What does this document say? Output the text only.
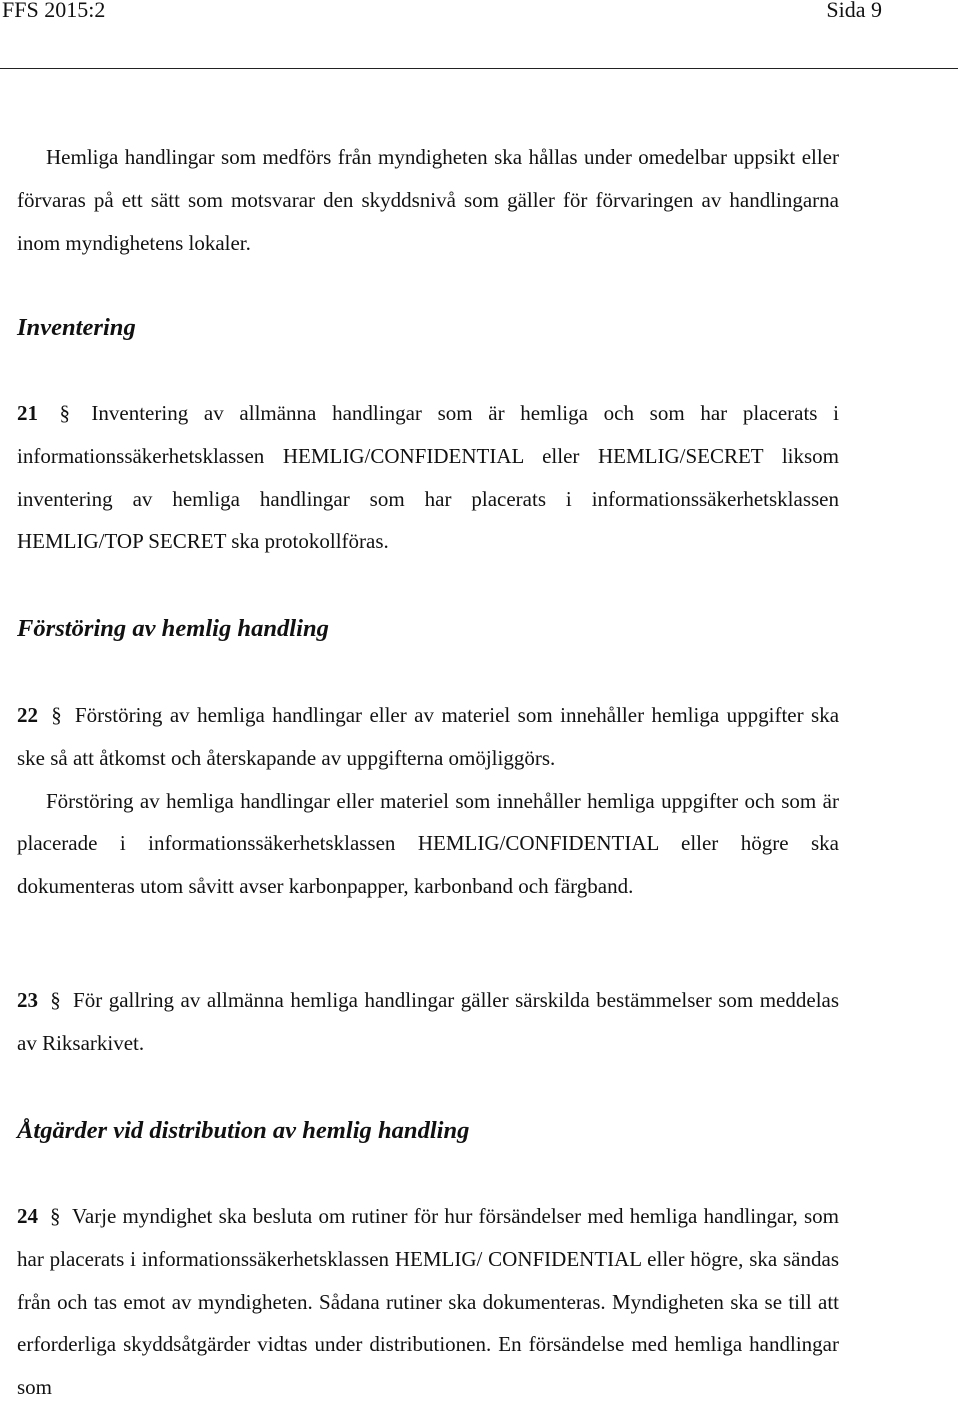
FFS 2015:2	Sida 9

Hemliga handlingar som medförs från myndigheten ska hållas under omedelbar uppsikt eller förvaras på ett sätt som motsvarar den skyddsnivå som gäller för förvaringen av handlingarna inom myndighetens lokaler.

Inventering

21 § Inventering av allmänna handlingar som är hemliga och som har placerats i informationssäkerhetsklassen HEMLIG/CONFIDENTIAL eller HEMLIG/SECRET liksom inventering av hemliga handlingar som har placerats i informationssäkerhetsklassen HEMLIG/TOP SECRET ska protokollföras.

Förstöring av hemlig handling

22 § Förstöring av hemliga handlingar eller av materiel som innehåller hemliga uppgifter ska ske så att åtkomst och återskapande av uppgifterna omöjliggörs.

Förstöring av hemliga handlingar eller materiel som innehåller hemliga uppgifter och som är placerade i informationssäkerhetsklassen HEMLIG/CONFIDENTIAL eller högre ska dokumenteras utom såvitt avser karbonpapper, karbonband och färgband.

23 § För gallring av allmänna hemliga handlingar gäller särskilda bestämmelser som meddelas av Riksarkivet.

Åtgärder vid distribution av hemlig handling

24 § Varje myndighet ska besluta om rutiner för hur försändelser med hemliga handlingar, som har placerats i informationssäkerhetsklassen HEMLIG/ CONFIDENTIAL eller högre, ska sändas från och tas emot av myndigheten. Sådana rutiner ska dokumenteras. Myndigheten ska se till att erforderliga skyddsåtgärder vidtas under distributionen. En försändelse med hemliga handlingar som
